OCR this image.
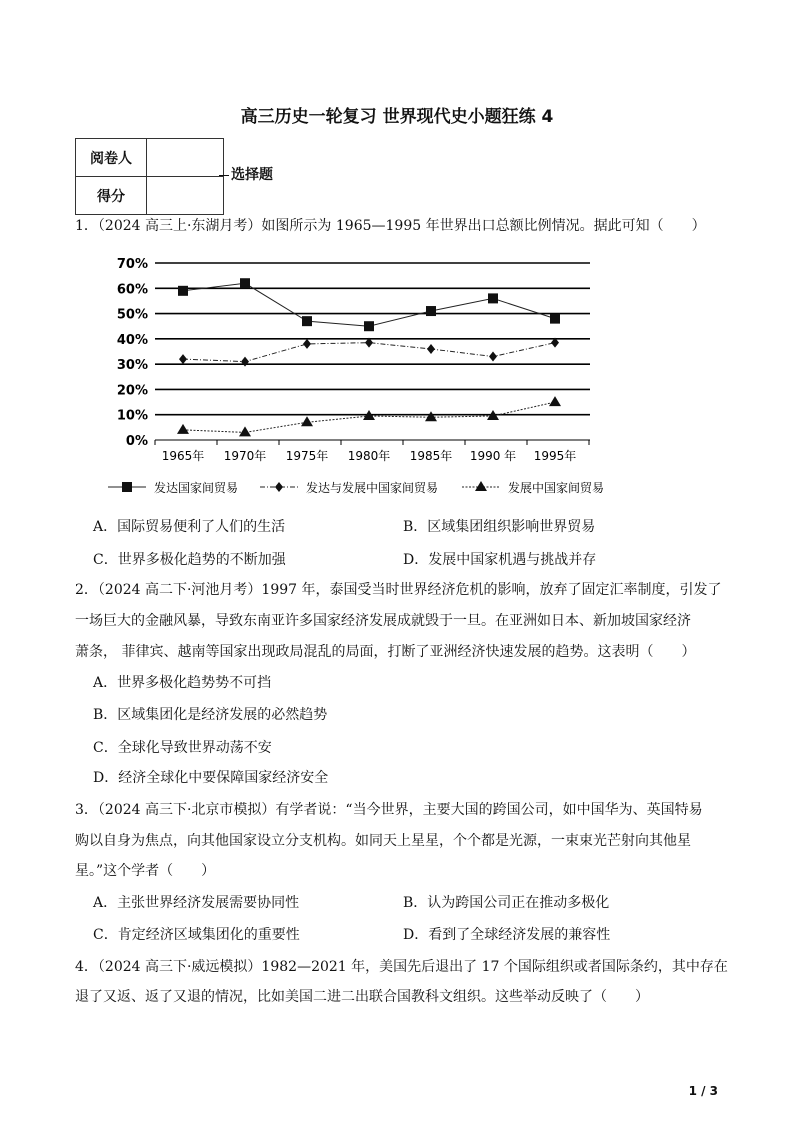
高三历史一轮复习 世界现代史小题狂练 4
阅卷人	
得分	
选择题
1．（2024 高三上·东湖月考）如图所示为 1965—1995 年世界出口总额比例情况。据此可知（　　）
0%
10%
20%
30%
40%
50%
60%
70%
1965年 1970年 1975年 1980年 1985年 1990 年 1995年
发达国家间贸易	发达与发展中国家间贸易	发展中国家间贸易
A．国际贸易便利了人们的生活	B．区域集团组织影响世界贸易
C．世界多极化趋势的不断加强	D．发展中国家机遇与挑战并存
2．（2024 高二下·河池月考）1997 年，泰国受当时世界经济危机的影响，放弃了固定汇率制度，引发了
一场巨大的金融风暴，导致东南亚许多国家经济发展成就毁于一旦。在亚洲如日本、新加坡国家经济
萧条， 菲律宾、越南等国家出现政局混乱的局面，打断了亚洲经济快速发展的趋势。这表明（　　）
A．世界多极化趋势势不可挡
B．区域集团化是经济发展的必然趋势
C．全球化导致世界动荡不安
D．经济全球化中要保障国家经济安全
3．（2024 高三下·北京市模拟）有学者说：“当今世界，主要大国的跨国公司，如中国华为、英国特易
购以自身为焦点，向其他国家设立分支机构。如同天上星星，个个都是光源，一束束光芒射向其他星
星。”这个学者（　　）
A．主张世界经济发展需要协同性	B．认为跨国公司正在推动多极化
C．肯定经济区域集团化的重要性	D．看到了全球经济发展的兼容性
4．（2024 高三下·威远模拟）1982—2021 年，美国先后退出了 17 个国际组织或者国际条约，其中存在
退了又返、返了又退的情况，比如美国二进二出联合国教科文组织。这些举动反映了（　　）
1 / 3
